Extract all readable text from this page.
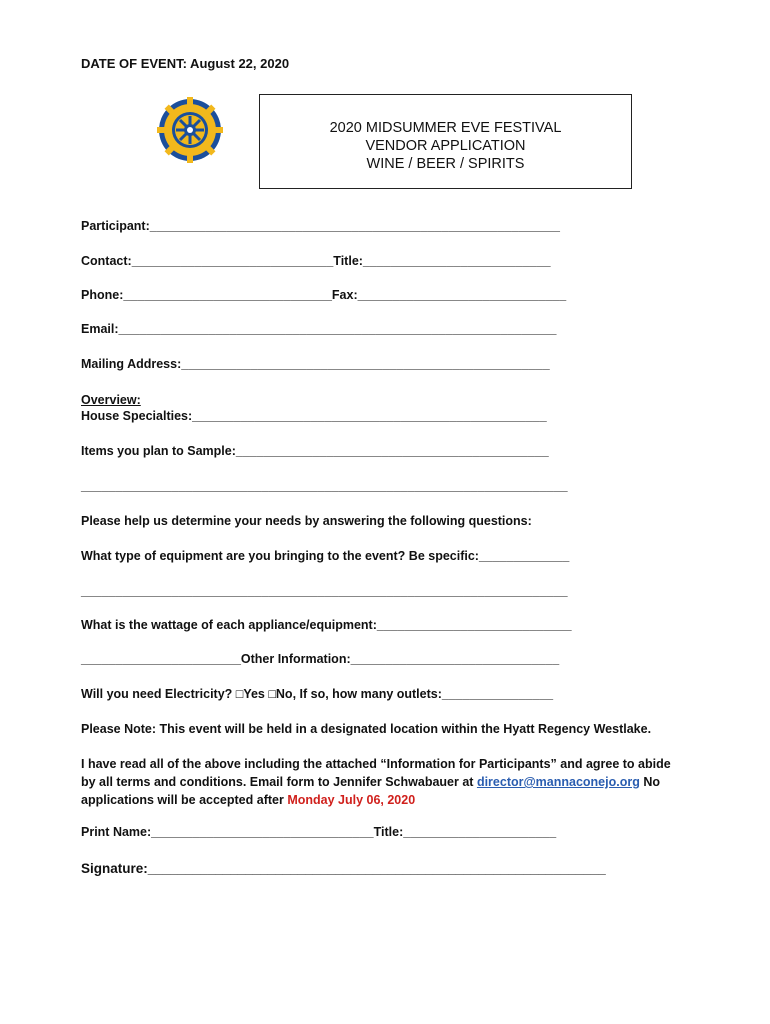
DATE OF EVENT: August 22, 2020
2020 MIDSUMMER EVE FESTIVAL
VENDOR APPLICATION
WINE / BEER / SPIRITS
Participant:___________________________________________________________
Contact:_____________________________Title:___________________________
Phone:______________________________Fax:______________________________
Email:_______________________________________________________________
Mailing Address:_____________________________________________________
Overview:
House Specialties:___________________________________________________
Items you plan to Sample:_____________________________________________
______________________________________________________________________
Please help us determine your needs by answering the following questions:
What type of equipment are you bringing to the event? Be specific:_____________
______________________________________________________________________
What is the wattage of each appliance/equipment:____________________________
_______________________Other Information:______________________________
Will you need Electricity? □Yes □No, If so, how many outlets:________________
Please Note: This event will be held in a designated location within the Hyatt Regency Westlake.
I have read all of the above including the attached “Information for Participants” and agree to abide by all terms and conditions. Email form to Jennifer Schwabauer at director@mannaconejo.org No applications will be accepted after Monday July 06, 2020
Print Name:________________________________Title:______________________
Signature:_____________________________________________________________
